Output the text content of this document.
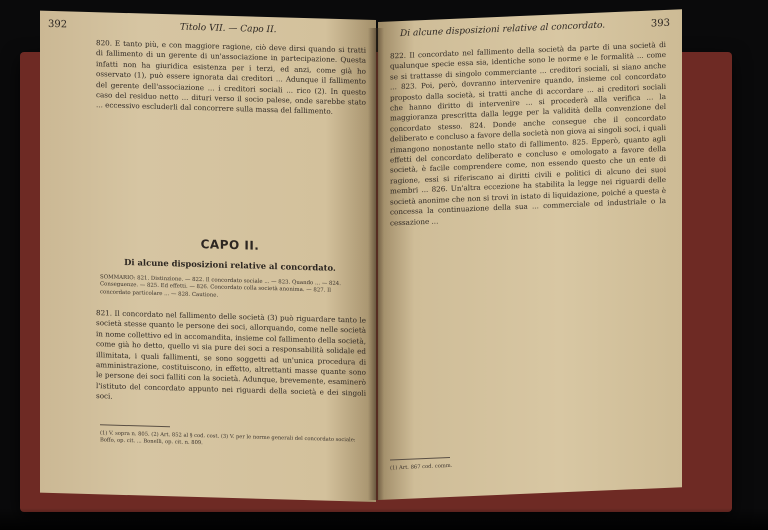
392	Titolo VII. — Capo II.
820. E tanto più, e con maggiore ragione, ciò deve dirsi quando si tratti di fallimento di un gerente di un'associazione in partecipazione. Questa infatti non ha giuridica esistenza per i terzi, ed anzi, come già ho osservato (1), può essere ignorata dai creditori ... Adunque il fallimento del gerente dell'associazione ... i creditori sociali ... rico (2). In questo caso del residuo netto ... dituri verso il socio palese, onde sarebbe stato ... eccessivo escluderli dal concorrere sulla massa del fallimento.
CAPO II.
Di alcune disposizioni relative al concordato.
SOMMARIO: 821. Distinzione. — 822. Il concordato sociale ... — 823. Quando ... — 824. Conseguenze. — 825. Ed effetti. — 826. Concordato colla società anonima. — 827. Il concordato particolare ... — 828. Cautione.
821. Il concordato nel fallimento delle società (3) può riguardare tanto le società stesse quanto le persone dei soci, allorquando, come nelle società in nome collettivo ed in accomandita, insieme col fallimento della società, come già ho detto, quello vi sia pure dei soci a responsabilità solidale ed illimitata, i quali fallimenti, se sono soggetti ad un'unica procedura di amministrazione, costituiscono, in effetto, altrettanti masse quante sono le persone dei soci falliti con la società. Adunque, brevemente, esaminerò l'istituto del concordato appunto nei riguardi della società e dei singoli soci.
(1) V. sopra n. 805. (2) Art. 852 al § cod. cost. (3) V. per le norme generali del concordato sociale: Boffo, op. cit. ... Bonelli, op. cit. n. 809.
Di alcune disposizioni relative al concordato.	393
822. Il concordato nel fallimento della società da parte di una società di qualunque specie essa sia, identiche sono le norme e le formalità ... come se si trattasse di singolo commerciante ... creditori sociali, si siano anche ... 823. Poi, però, dovranno intervenire quando, insieme col concordato proposto dalla società, si tratti anche di accordare ... ai creditori sociali che hanno diritto di intervenire ... si procederà alla verifica ... la maggioranza prescritta dalla legge per la validità della convenzione del concordato stesso. 824. Donde anche consegue che il concordato deliberato e concluso a favore della società non giova ai singoli soci, i quali rimangono nonostante nello stato di fallimento. 825. Epperò, quanto agli effetti del concordato deliberato e concluso e omologato a favore della società, è facile comprendere come, non essendo questo che un ente di ragione, essi si riferiscano ai diritti civili e politici di alcuno dei suoi membri ... 826. Un'altra eccezione ha stabilita la legge nei riguardi delle società anonime che non si trovi in istato di liquidazione, poiché a questa è concessa la continuazione della sua ... commerciale od industriale o la cessazione ...
(1) Art. 867 cod. comm.
